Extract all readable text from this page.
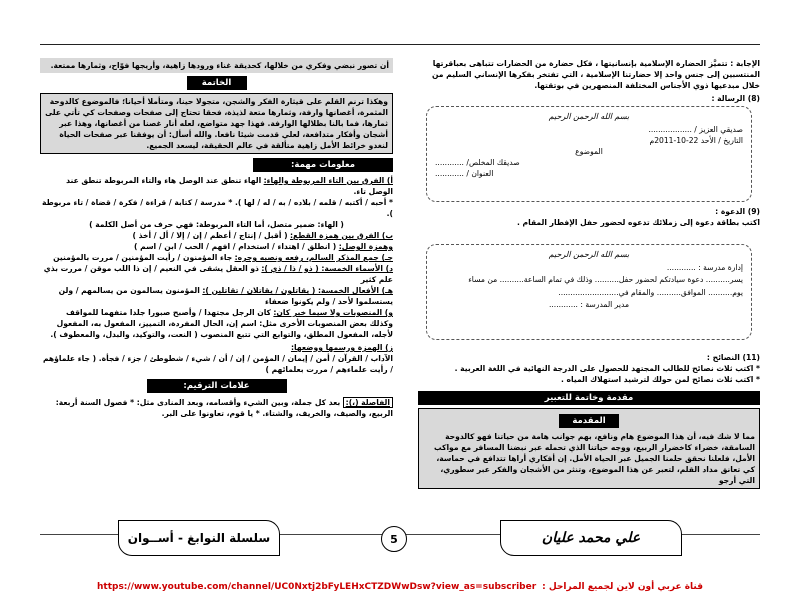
الإجابة : تتميَّز الحضارة الإسلامية بإنسانيتها ، فكل حضارة من الحضارات تتباهى بعباقرتها المنتسبين إلى جنس واحد إلا حضارتنا الإسلامية ، التي تفتخر بفكرها الإنساني السليم من خلال مبدعيها ذوي الأجناس المختلفة المنصهرين في بوتقتها.

(8) الرسالة :

بسم الله الرحمن الرحيم

صديقي العزيز / ..................

التاريخ / الأحد 22-10-2011م

الموضوع

صديقك المخلص/ ............

العنوان / ............

(9) الدعوة :

اكتب بطاقة دعوة إلى زملائك تدعوه لحضور حفل الإفطار المقام .

بسم الله الرحمن الرحيم

إدارة مدرسة : ............

يسر.......... دعوة سيادتكم لحضور حفل.......... وذلك في تمام الساعة.......... من مساء يوم.......... الموافق.......... والمقام في.........................

مدير المدرسة : ............

(11) النصائح :

* اكتب ثلاث نصائح للطالب المجتهد للحصول على الدرجة النهائية في اللغة العربية .

* اكتب ثلاث نصائح لمن حولك لترشيد استهلاك المياه .

مقدمة وخاتمة للتعبير
المقدمة

مما لا شك فيه، أن هذا الموضوع هام ونافع، بهم جوانب هامة من حياتنا فهو كالدوحة السامقة، خضراء كاخضرار الربيع، ووجه حياتنا الذي تحمله عبر نبضنا المسافر مع مواكب الأمل، فلعلنا نحقق حلمنا الجميل عبر الحياة الأمل. إن أفكاري أراها تتدافع في حماسة، كي تعانق مداد القلم، لتعبر عن هذا الموضوع، وتنثر من الأشجان والفكر عبر سطوري، التي أرجو

أن تصور نبضي وفكري من خلالها، كحديقة غناء ورودها زاهية، وأريجها فوّاح، وثمارها ممتعة.

الخاتمة

وهكذا ترنم القلم على قيثارة الفكر والشجن، متجولا حينا، ومتأملا أحيانا؛ فالموضوع كالدوحة المثمرة، أغصانها وارفة، وثمارها متعة لذيذة، فحقا تحتاج إلى صفحات وصفحات كي تأتي على ثمارها، فما بالنا بظلالها الوارفة. فهذا جهد متواضع، لعله أنار غصنا من أغصانها، وهذا عبر أشجان وأفكار متدافعة، لعلي قدمت شيئا نافعا. والله أسأل: أن يوفقنا عبر صفحات الحياة لنغدو خرائط الأمل زاهية متألقة في عالم الحقيقة، ليسعد الجميع.

معلومات مهمة:

أ) الفرق بين التاء المربوطة والهاء: الهاء تنطق عند الوصل هاء والتاء المربوطة تنطق عند الوصل تاء.

* أحبه / أكتبه / قلمه / بلاده / به / له / لها ). * مدرسة / كتابة / قراءة / فكرة / قضاة / تاء مربوطة ).

( الهاء: ضمير متصل، أما التاء المربوطة: فهي حرف من أصل الكلمة )

ب) الفرق بين همزة القطع: ( أقبل / إنتاج / أعظم / إن / إلا / أل / أخذ )

وهمزة الوصل: ( انطلق / اهتداء / استخدام / افهم / الحب / ابن / اسم )

جـ) جمع المذكر السالم، رفعه ونصبه وجره: جاء المؤمنون / رأيت المؤمنين / مررت بالمؤمنين

د) الأسماء الخمسة: ( ذو / ذا / ذي ): ذو العقل يشقى في النعيم / إن ذا اللب موقن / مررت بذي علم كثير

هـ) الأفعال الخمسة: ( يقاتلون / يقاتلان / تقاتلين ): المؤمنون يسالمون من يسالمهم / ولن يستسلموا لأحد / ولم يكونوا ضعفاء

و) المنصوبات ولا سيما خبر كان: كان الرجل مجتهدا / وأصبح صبورا جلدا متفهما للمواقف وكذلك بعض المنصوبات الأخرى مثل: اسم إن، الحال المفردة، التمييز، المفعول به، المفعول لأجله، المفعول المطلق، والتوابع التي تتبع المنصوب ( النعت، والتوكيد، والبدل، والمعطوف ).

ز) الهمزة ورسمها ووضعها:

الآداب / القرآن / أمن / إيمان / المؤمن / إن / أن / شيء / شطوطئ / جزء / فجأة. ( جاء علماؤهم / رأيت علماءهم / مررت بعلمائهم )

علامات الترقيم:

الفاصلة (،): بعد كل جملة، وبين الشيء وأقسامه، وبعد المنادى مثل: * فصول السنة أربعة: الربيع، والصيف، والخريف، والشتاء. * يا قوم، تعاونوا على البر.

سلسلة النوابغ - أســوان	5	علي محمد عليان
https://www.youtube.com/channel/UC0Nxtj2bFyLEHxCTZDWwDsw?view_as=subscriber قناة عربي أون لاين لجميع المراحل :
